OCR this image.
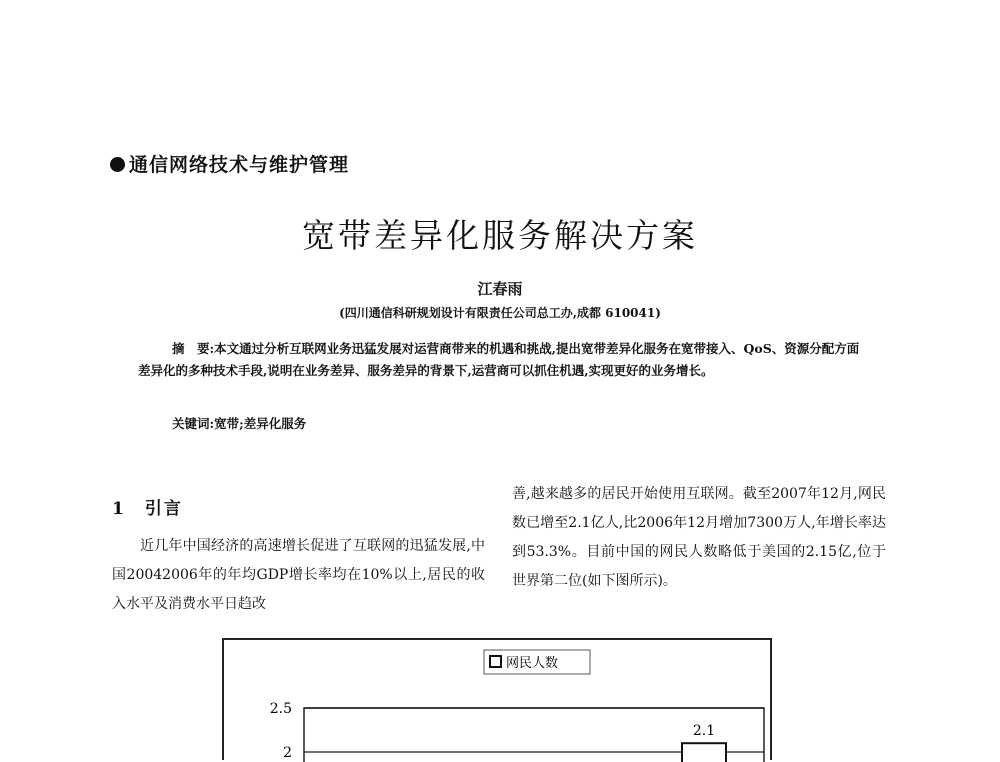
通信网络技术与维护管理
宽带差异化服务解决方案
江春雨
(四川通信科研规划设计有限责任公司总工办,成都 610041)
摘　要:本文通过分析互联网业务迅猛发展对运营商带来的机遇和挑战,提出宽带差异化服务在宽带接入、QoS、资源分配方面差异化的多种技术手段,说明在业务差异、服务差异的背景下,运营商可以抓住机遇,实现更好的业务增长。
关键词:宽带;差异化服务
1　引言
近几年中国经济的高速增长促进了互联网的迅猛发展,中国20042006年的年均GDP增长率均在10%以上,居民的收入水平及消费水平日趋改
善,越来越多的居民开始使用互联网。截至2007年12月,网民数已增至2.1亿人,比2006年12月增加7300万人,年增长率达到53.3%。目前中国的网民人数略低于美国的2.15亿,位于世界第二位(如下图所示)。
网民人数
2.5
2
2.1
